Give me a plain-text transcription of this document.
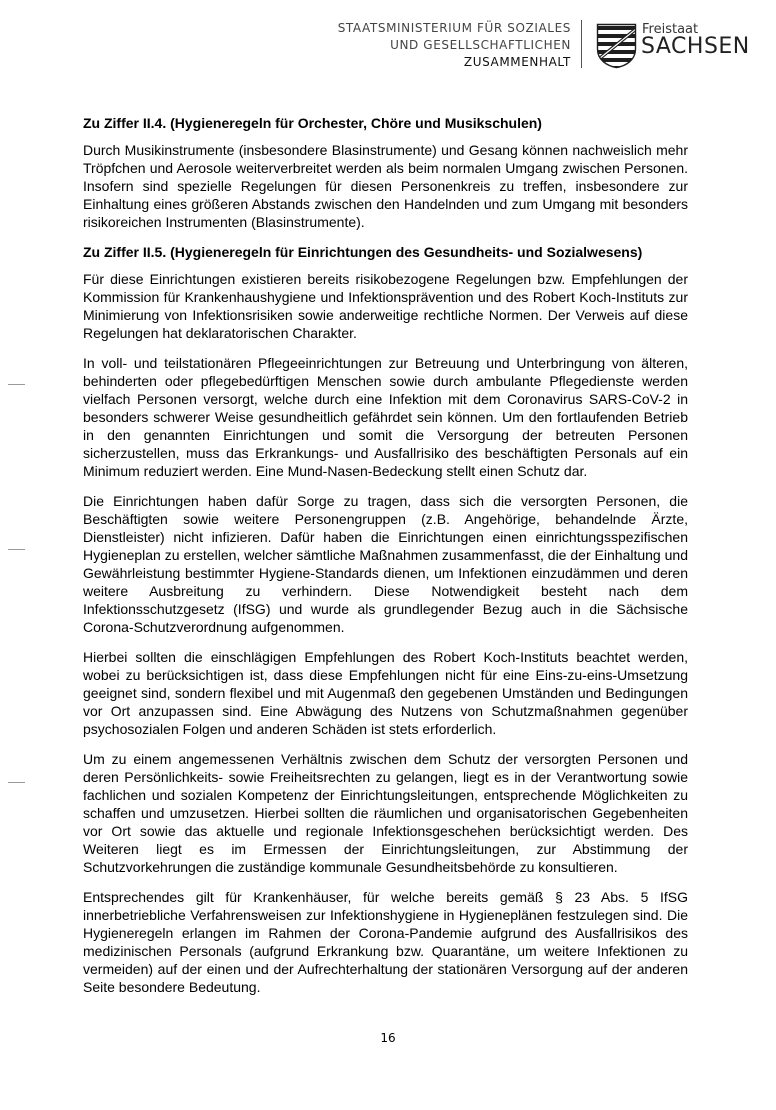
STAATSMINISTERIUM FÜR SOZIALES
UND GESELLSCHAFTLICHEN
ZUSAMMENHALT
Freistaat
SACHSEN
Zu Ziffer II.4. (Hygieneregeln für Orchester, Chöre und Musikschulen)

Durch Musikinstrumente (insbesondere Blasinstrumente) und Gesang können nachweislich mehr Tröpfchen und Aerosole weiterverbreitet werden als beim normalen Umgang zwischen Personen. Insofern sind spezielle Regelungen für diesen Personenkreis zu treffen, insbesondere zur Einhaltung eines größeren Abstands zwischen den Handelnden und zum Umgang mit besonders risikoreichen Instrumenten (Blasinstrumente).

Zu Ziffer II.5. (Hygieneregeln für Einrichtungen des Gesundheits- und Sozialwesens)

Für diese Einrichtungen existieren bereits risikobezogene Regelungen bzw. Empfehlungen der Kommission für Krankenhaushygiene und Infektionsprävention und des Robert Koch-Instituts zur Minimierung von Infektionsrisiken sowie anderweitige rechtliche Normen. Der Verweis auf diese Regelungen hat deklaratorischen Charakter.

In voll- und teilstationären Pflegeeinrichtungen zur Betreuung und Unterbringung von älteren, behinderten oder pflegebedürftigen Menschen sowie durch ambulante Pflegedienste werden vielfach Personen versorgt, welche durch eine Infektion mit dem Coronavirus SARS-CoV-2 in besonders schwerer Weise gesundheitlich gefährdet sein können. Um den fortlaufenden Betrieb in den genannten Einrichtungen und somit die Versorgung der betreuten Personen sicherzustellen, muss das Erkrankungs- und Ausfallrisiko des beschäftigten Personals auf ein Minimum reduziert werden. Eine Mund-Nasen-Bedeckung stellt einen Schutz dar.

Die Einrichtungen haben dafür Sorge zu tragen, dass sich die versorgten Personen, die Beschäftigten sowie weitere Personengruppen (z.B. Angehörige, behandelnde Ärzte, Dienstleister) nicht infizieren. Dafür haben die Einrichtungen einen einrichtungsspezifischen Hygieneplan zu erstellen, welcher sämtliche Maßnahmen zusammenfasst, die der Einhaltung und Gewährleistung bestimmter Hygiene-Standards dienen, um Infektionen einzudämmen und deren weitere Ausbreitung zu verhindern. Diese Notwendigkeit besteht nach dem Infektionsschutzgesetz (IfSG) und wurde als grundlegender Bezug auch in die Sächsische Corona-Schutzverordnung aufgenommen.

Hierbei sollten die einschlägigen Empfehlungen des Robert Koch-Instituts beachtet werden, wobei zu berücksichtigen ist, dass diese Empfehlungen nicht für eine Eins-zu-eins-Umsetzung geeignet sind, sondern flexibel und mit Augenmaß den gegebenen Umständen und Bedingungen vor Ort anzupassen sind. Eine Abwägung des Nutzens von Schutzmaßnahmen gegenüber psychosozialen Folgen und anderen Schäden ist stets erforderlich.

Um zu einem angemessenen Verhältnis zwischen dem Schutz der versorgten Personen und deren Persönlichkeits- sowie Freiheitsrechten zu gelangen, liegt es in der Verantwortung sowie fachlichen und sozialen Kompetenz der Einrichtungsleitungen, entsprechende Möglichkeiten zu schaffen und umzusetzen. Hierbei sollten die räumlichen und organisatorischen Gegebenheiten vor Ort sowie das aktuelle und regionale Infektionsgeschehen berücksichtigt werden. Des Weiteren liegt es im Ermessen der Einrichtungsleitungen, zur Abstimmung der Schutzvorkehrungen die zuständige kommunale Gesundheitsbehörde zu konsultieren.

Entsprechendes gilt für Krankenhäuser, für welche bereits gemäß § 23 Abs. 5 IfSG innerbetriebliche Verfahrensweisen zur Infektionshygiene in Hygieneplänen festzulegen sind. Die Hygieneregeln erlangen im Rahmen der Corona-Pandemie aufgrund des Ausfallrisikos des medizinischen Personals (aufgrund Erkrankung bzw. Quarantäne, um weitere Infektionen zu vermeiden) auf der einen und der Aufrechterhaltung der stationären Versorgung auf der anderen Seite besondere Bedeutung.

16
